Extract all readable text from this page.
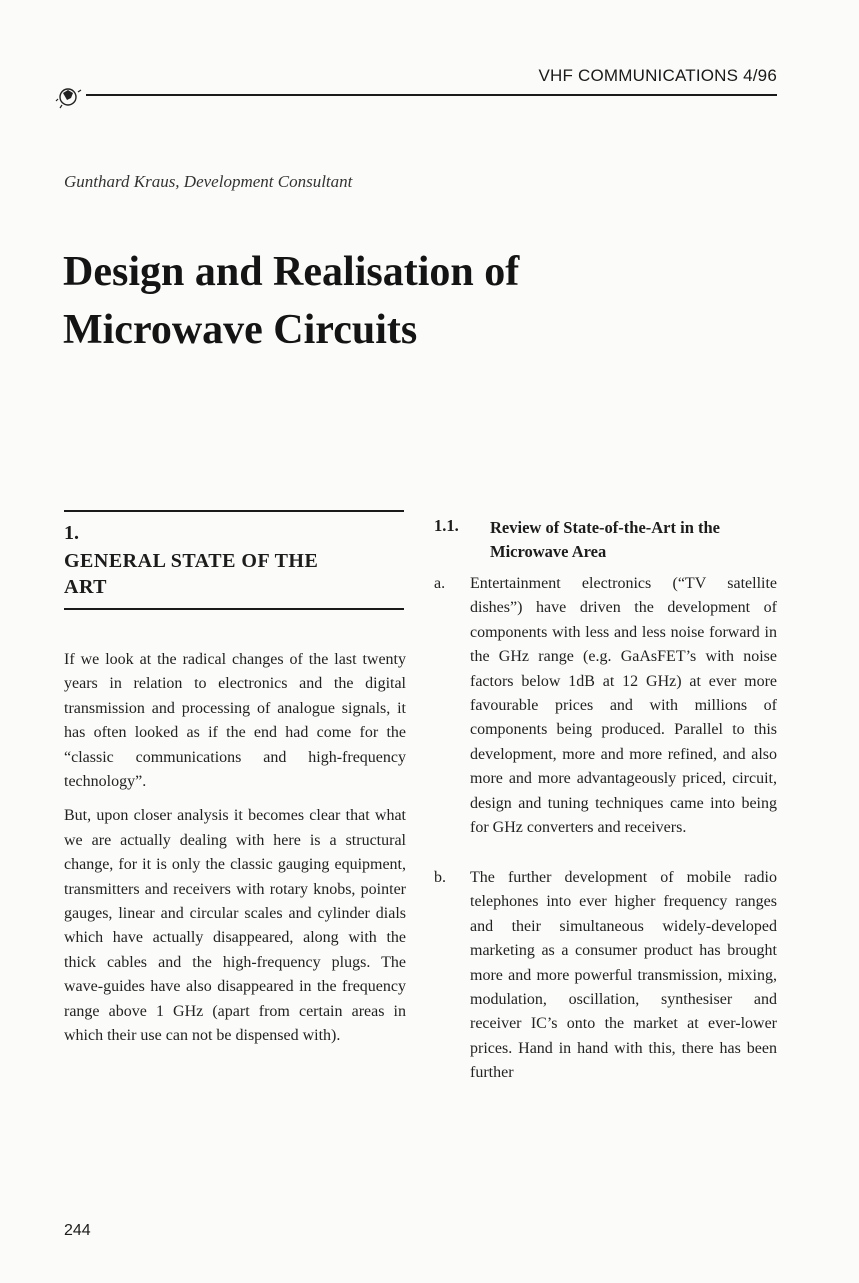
VHF COMMUNICATIONS 4/96
Gunthard Kraus, Development Consultant
Design and Realisation of Microwave Circuits
1.
GENERAL STATE OF THE ART

If we look at the radical changes of the last twenty years in relation to electronics and the digital transmission and processing of analogue signals, it has often looked as if the end had come for the “classic communications and high-frequency technology”.

But, upon closer analysis it becomes clear that what we are actually dealing with here is a structural change, for it is only the classic gauging equipment, transmitters and receivers with rotary knobs, pointer gauges, linear and circular scales and cylinder dials which have actually disappeared, along with the thick cables and the high-frequency plugs. The wave-guides have also disappeared in the frequency range above 1 GHz (apart from certain areas in which their use can not be dispensed with).

1.1. Review of State-of-the-Art in the Microwave Area
a. Entertainment electronics (“TV satellite dishes”) have driven the development of components with less and less noise forward in the GHz range (e.g. GaAsFET’s with noise factors below 1dB at 12 GHz) at ever more favourable prices and with millions of components being produced. Parallel to this development, more and more refined, and also more and more advantageously priced, circuit, design and tuning techniques came into being for GHz converters and receivers.
b. The further development of mobile radio telephones into ever higher frequency ranges and their simultaneous widely-developed marketing as a consumer product has brought more and more powerful transmission, mixing, modulation, oscillation, synthesiser and receiver IC’s onto the market at ever-lower prices. Hand in hand with this, there has been further
244
